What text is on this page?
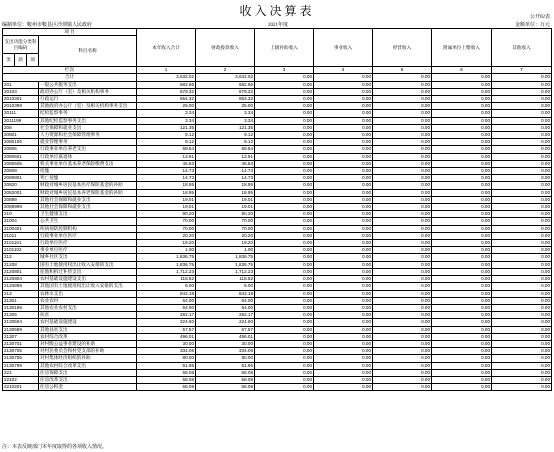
收入决算表	公开02表
编制单位：鞍州市鞍县区沙坝镇人民政府	2021年度	金额单位：万元
项 目				本年收入合计	财政拨款收入	上级补助收入	事业收入	经营收入	附属单位上缴收入	其他收入
支出功能分类科目编码			科目名称							
类	款	项								
栏次				1	2	3	4	5	6	7
合计				3,632.02	3,632.02	0.00	0.00	0.00	0.00	0.00
201			一般公共服务支出	682.66	682.66	0.00	0.00	0.00	0.00	0.00
20103			政府办公厅（室）及相关机构事务	679.32	679.32	0.00	0.00	0.00	0.00	0.00
2010301			行政运行	654.32	654.32	0.00	0.00	0.00	0.00	0.00
2010399			其他政府办公厅（室）及相关机构事务支出	25.00	25.00	0.00	0.00	0.00	0.00	0.00
20111			纪检监察事务	3.34	3.34	0.00	0.00	0.00	0.00	0.00
2011199			其他纪检监察事务支出	3.34	3.34	0.00	0.00	0.00	0.00	0.00
208			社会保障和就业支出	121.35	121.35	0.00	0.00	0.00	0.00	0.00
20801			人力资源和社会保障管理事务	9.12	9.12	0.00	0.00	0.00	0.00	0.00
2080106			就业管理事务	9.12	9.12	0.00	0.00	0.00	0.00	0.00
20805			行政事业单位养老支出	59.54	59.54	0.00	0.00	0.00	0.00	0.00
2080501			行政单位离退休	13.91	13.91	0.00	0.00	0.00	0.00	0.00
2080505			机关事业单位基本养老保险缴费支出	45.63	45.63	0.00	0.00	0.00	0.00	0.00
20808			抚恤	14.73	14.73	0.00	0.00	0.00	0.00	0.00
2080801			死亡抚恤	14.73	14.73	0.00	0.00	0.00	0.00	0.00
20820			财政对城乡居民基本医疗保险基金的补助	18.95	18.95	0.00	0.00	0.00	0.00	0.00
2082001			财政对城乡居民基本养老保险基金的补助	18.95	18.95	0.00	0.00	0.00	0.00	0.00
20899			其他社会保障和就业支出	19.01	19.01	0.00	0.00	0.00	0.00	0.00
2089999			其他社会保障和就业支出	19.01	19.01	0.00	0.00	0.00	0.00	0.00
210			卫生健康支出	90.20	90.20	0.00	0.00	0.00	0.00	0.00
21004			公共卫生	70.00	70.00	0.00	0.00	0.00	0.00	0.00
2100401			疾病预防控制机构	70.00	70.00	0.00	0.00	0.00	0.00	0.00
21011			行政事业单位医疗	20.20	20.20	0.00	0.00	0.00	0.00	0.00
2101101			行政单位医疗	19.20	19.20	0.00	0.00	0.00	0.00	0.00
2101102			事业单位医疗	1.00	1.00	0.00	0.00	0.00	0.00	0.00
212			城乡社区支出	1,836.75	1,836.75	0.00	0.00	0.00	0.00	0.00
21208			国有土地使用权出让收入安排的支出	1,836.75	1,836.75	0.00	0.00	0.00	0.00	0.00
2120801			征地和拆迁补偿支出	1,712.23	1,712.23	0.00	0.00	0.00	0.00	0.00
2120804			农村基础设施建设支出	118.52	118.52	0.00	0.00	0.00	0.00	0.00
2120899			其他国有土地使用权出让收入安排的支出	6.00	6.00	0.00	0.00	0.00	0.00	0.00
213			农林水支出	842.18	842.18	0.00	0.00	0.00	0.00	0.00
21301			农业农村	64.00	64.00	0.00	0.00	0.00	0.00	0.00
2130199			其他农业农村支出	64.00	64.00	0.00	0.00	0.00	0.00	0.00
21305			扶贫	282.17	282.17	0.00	0.00	0.00	0.00	0.00
2130504			农村基础设施建设	224.60	224.60	0.00	0.00	0.00	0.00	0.00
2130599			其他扶贫支出	57.57	57.57	0.00	0.00	0.00	0.00	0.00
21307			农村综合改革	496.01	496.01	0.00	0.00	0.00	0.00	0.00
2130701			对村级公益事业建设的补助	30.00	30.00	0.00	0.00	0.00	0.00	0.00
2130705			对村民委员会和村党支部的补助	334.06	334.06	0.00	0.00	0.00	0.00	0.00
2130706			对村集体经济组织的补助	80.00	80.00	0.00	0.00	0.00	0.00	0.00
2130799			其他农村综合改革支出	51.95	51.95	0.00	0.00	0.00	0.00	0.00
221			住房保障支出	58.08	58.08	0.00	0.00	0.00	0.00	0.00
22102			住房改革支出	58.08	58.08	0.00	0.00	0.00	0.00	0.00
2210201			住房公积金	58.08	58.08	0.00	0.00	0.00	0.00	0.00
注：本表反映部门本年度取得的各项收入情况。
